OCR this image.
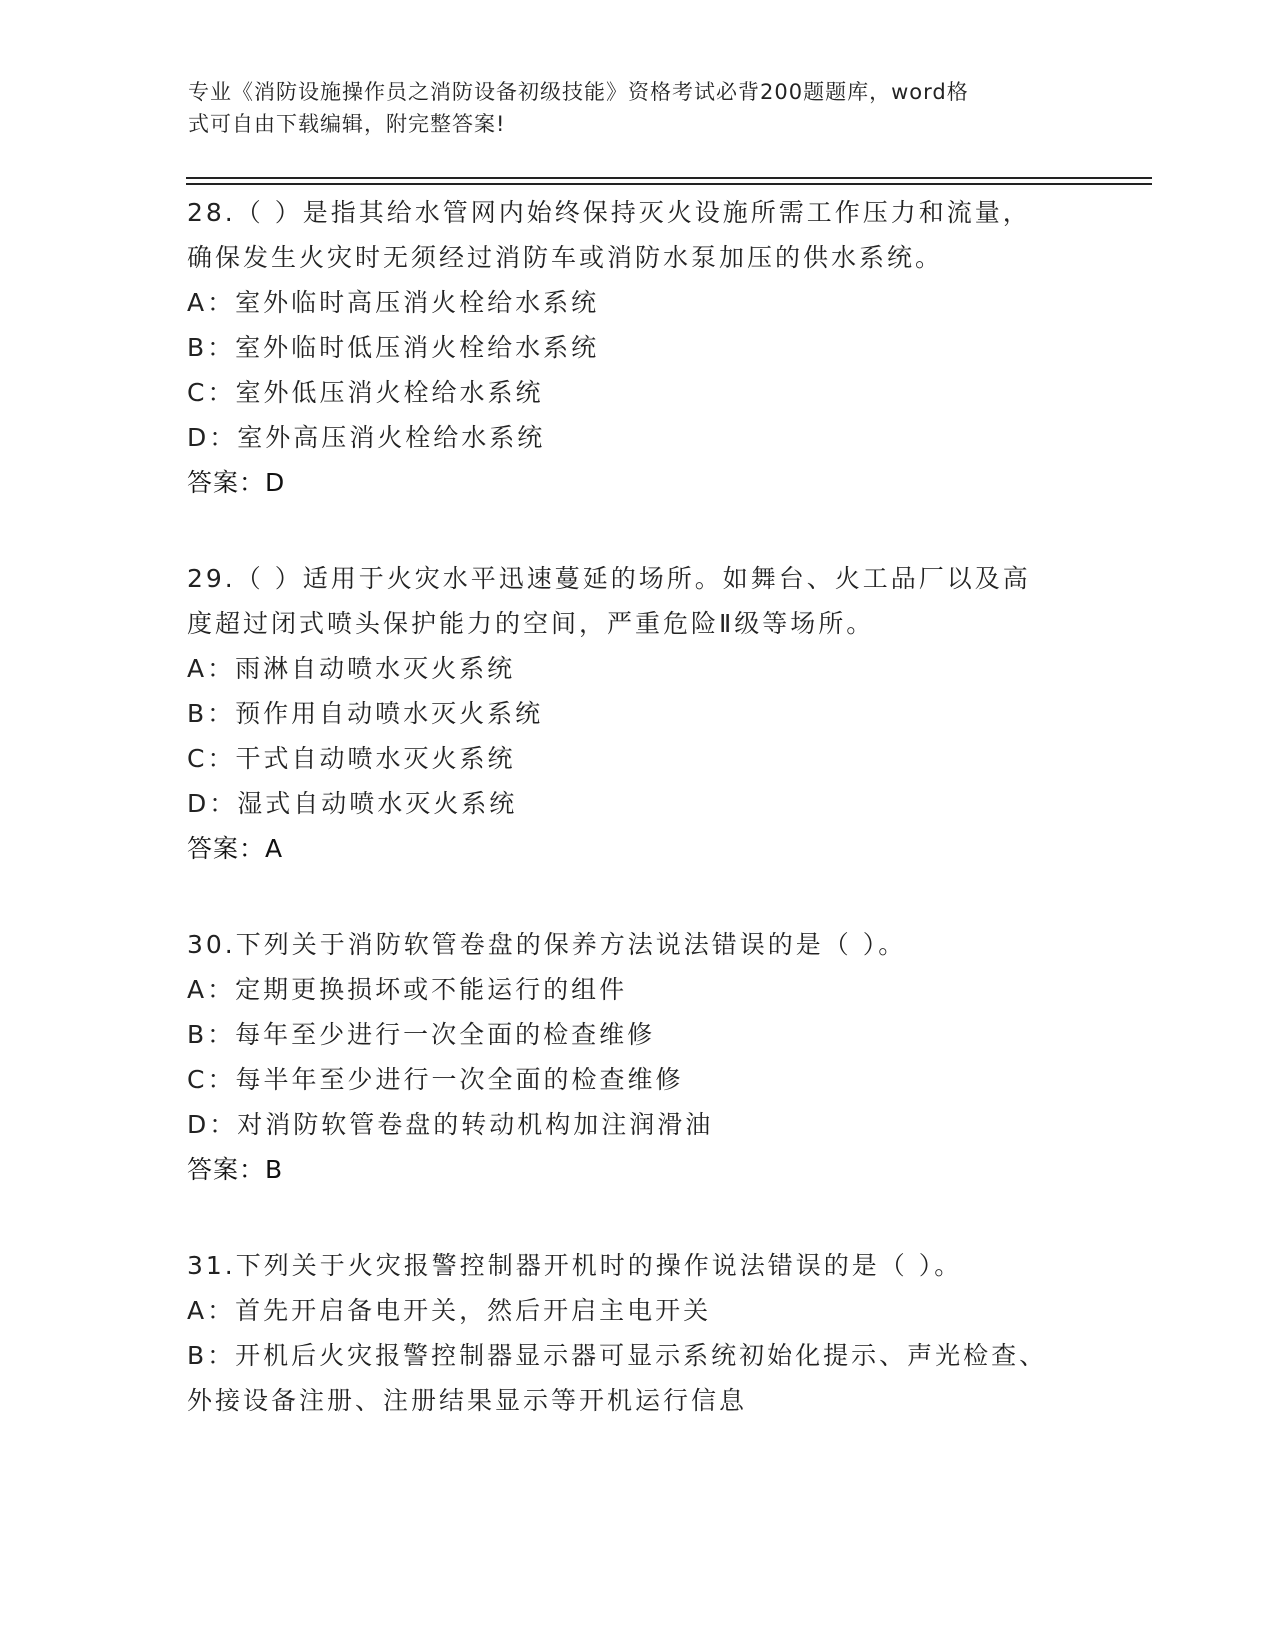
专业《消防设施操作员之消防设备初级技能》资格考试必背200题题库，word格
式可自由下载编辑，附完整答案!
28.（ ）是指其给水管网内始终保持灭火设施所需工作压力和流量，
确保发生火灾时无须经过消防车或消防水泵加压的供水系统。
A：室外临时高压消火栓给水系统
B：室外临时低压消火栓给水系统
C：室外低压消火栓给水系统
D：室外高压消火栓给水系统
答案：D
29.（ ）适用于火灾水平迅速蔓延的场所。如舞台、火工品厂以及高
度超过闭式喷头保护能力的空间，严重危险Ⅱ级等场所。
A：雨淋自动喷水灭火系统
B：预作用自动喷水灭火系统
C：干式自动喷水灭火系统
D：湿式自动喷水灭火系统
答案：A
30.下列关于消防软管卷盘的保养方法说法错误的是（ ）。
A：定期更换损坏或不能运行的组件
B：每年至少进行一次全面的检查维修
C：每半年至少进行一次全面的检查维修
D：对消防软管卷盘的转动机构加注润滑油
答案：B
31.下列关于火灾报警控制器开机时的操作说法错误的是（ ）。
A：首先开启备电开关，然后开启主电开关
B：开机后火灾报警控制器显示器可显示系统初始化提示、声光检查、
外接设备注册、注册结果显示等开机运行信息
